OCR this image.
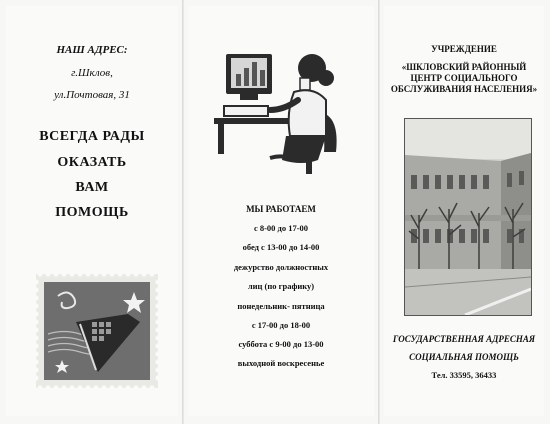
НАШ АДРЕС:
г.Шклов,
ул.Почтовая, 31
ВСЕГДА РАДЫ
ОКАЗАТЬ
ВАМ
ПОМОЩЬ	МЫ РАБОТАЕМ
с 8-00 до 17-00
обед с 13-00 до 14-00
дежурство должностных
лиц (по графику)
понедельник- пятница
с 17-00 до 18-00
суббота с 9-00 до 13-00
выходной воскресенье
УЧРЕЖДЕНИЕ
«ШКЛОВСКИЙ РАЙОННЫЙ
ЦЕНТР СОЦИАЛЬНОГО
ОБСЛУЖИВАНИЯ НАСЕЛЕНИЯ»
ГОСУДАРСТВЕННАЯ АДРЕСНАЯ
СОЦИАЛЬНАЯ ПОМОЩЬ
Тел. 33595, 36433
